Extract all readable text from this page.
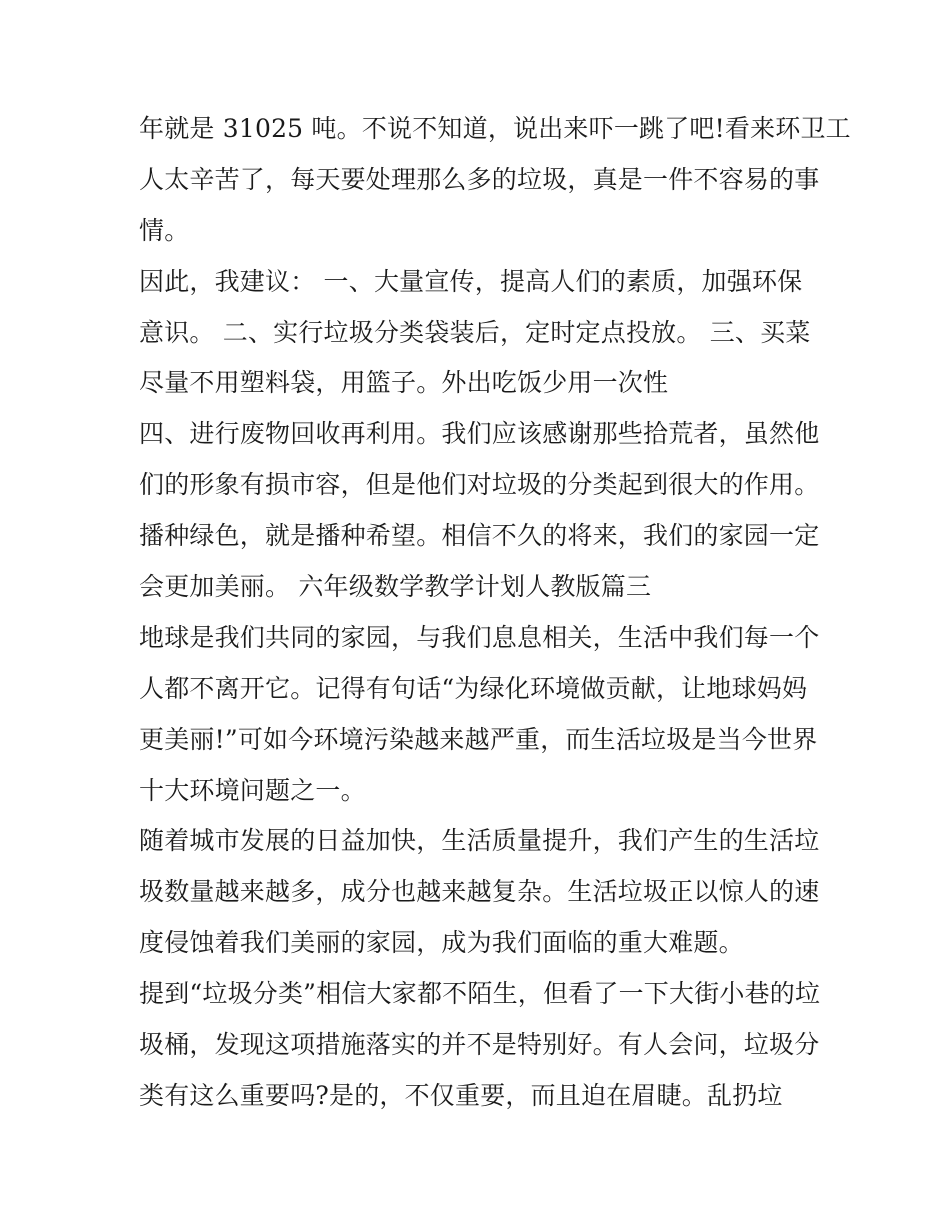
年就是 31025 吨。不说不知道，说出来吓一跳了吧!看来环卫工
人太辛苦了，每天要处理那么多的垃圾，真是一件不容易的事
情。
因此，我建议： 一、大量宣传，提高人们的素质，加强环保
意识。 二、实行垃圾分类袋装后，定时定点投放。 三、买菜
尽量不用塑料袋，用篮子。外出吃饭少用一次性
四、进行废物回收再利用。我们应该感谢那些拾荒者，虽然他
们的形象有损市容，但是他们对垃圾的分类起到很大的作用。
播种绿色，就是播种希望。相信不久的将来，我们的家园一定
会更加美丽。 六年级数学教学计划人教版篇三
地球是我们共同的家园，与我们息息相关，生活中我们每一个
人都不离开它。记得有句话“为绿化环境做贡献，让地球妈妈
更美丽!”可如今环境污染越来越严重，而生活垃圾是当今世界
十大环境问题之一。
随着城市发展的日益加快，生活质量提升，我们产生的生活垃
圾数量越来越多，成分也越来越复杂。生活垃圾正以惊人的速
度侵蚀着我们美丽的家园，成为我们面临的重大难题。
提到“垃圾分类”相信大家都不陌生，但看了一下大街小巷的垃
圾桶，发现这项措施落实的并不是特别好。有人会问，垃圾分
类有这么重要吗?是的，不仅重要，而且迫在眉睫。乱扔垃
